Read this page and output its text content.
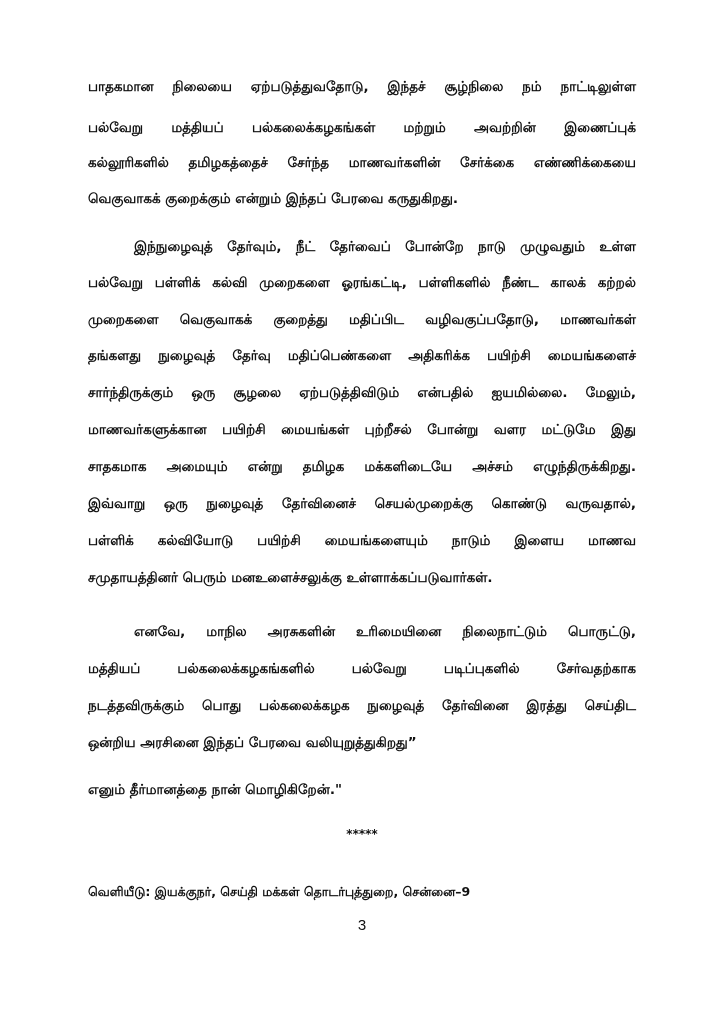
பாதகமான நிலையை ஏற்படுத்துவதோடு, இந்தச் சூழ்நிலை நம் நாட்டிலுள்ள
பல்வேறு மத்தியப் பல்கலைக்கழகங்கள் மற்றும் அவற்றின் இணைப்புக்
கல்லூரிகளில் தமிழகத்தைச் சேர்ந்த மாணவர்களின் சேர்க்கை எண்ணிக்கையை
வெகுவாகக் குறைக்கும் என்றும் இந்தப் பேரவை கருதுகிறது.
இந்நுழைவுத் தேர்வும், நீட் தேர்வைப் போன்றே நாடு முழுவதும் உள்ள
பல்வேறு பள்ளிக் கல்வி முறைகளை ஓரங்கட்டி, பள்ளிகளில் நீண்ட காலக் கற்றல்
முறைகளை வெகுவாகக் குறைத்து மதிப்பிட வழிவகுப்பதோடு, மாணவர்கள்
தங்களது நுழைவுத் தேர்வு மதிப்பெண்களை அதிகரிக்க பயிற்சி மையங்களைச்
சார்ந்திருக்கும் ஒரு சூழலை ஏற்படுத்திவிடும் என்பதில் ஐயமில்லை. மேலும்,
மாணவர்களுக்கான பயிற்சி மையங்கள் புற்றீசல் போன்று வளர மட்டுமே இது
சாதகமாக அமையும் என்று தமிழக மக்களிடையே அச்சம் எழுந்திருக்கிறது.
இவ்வாறு ஒரு நுழைவுத் தேர்வினைச் செயல்முறைக்கு கொண்டு வருவதால்,
பள்ளிக் கல்வியோடு பயிற்சி மையங்களையும் நாடும் இளைய மாணவ
சமுதாயத்தினர் பெரும் மனஉளைச்சலுக்கு உள்ளாக்கப்படுவார்கள்.
எனவே, மாநில அரசுகளின் உரிமையினை நிலைநாட்டும் பொருட்டு,
மத்தியப் பல்கலைக்கழகங்களில் பல்வேறு படிப்புகளில் சேர்வதற்காக
நடத்தவிருக்கும் பொது பல்கலைக்கழக நுழைவுத் தேர்வினை இரத்து செய்திட
ஒன்றிய அரசினை இந்தப் பேரவை வலியுறுத்துகிறது”
எனும் தீர்மானத்தை நான் மொழிகிறேன்."
*****
வெளியீடு: இயக்குநர், செய்தி மக்கள் தொடர்புத்துறை, சென்னை–9
3
